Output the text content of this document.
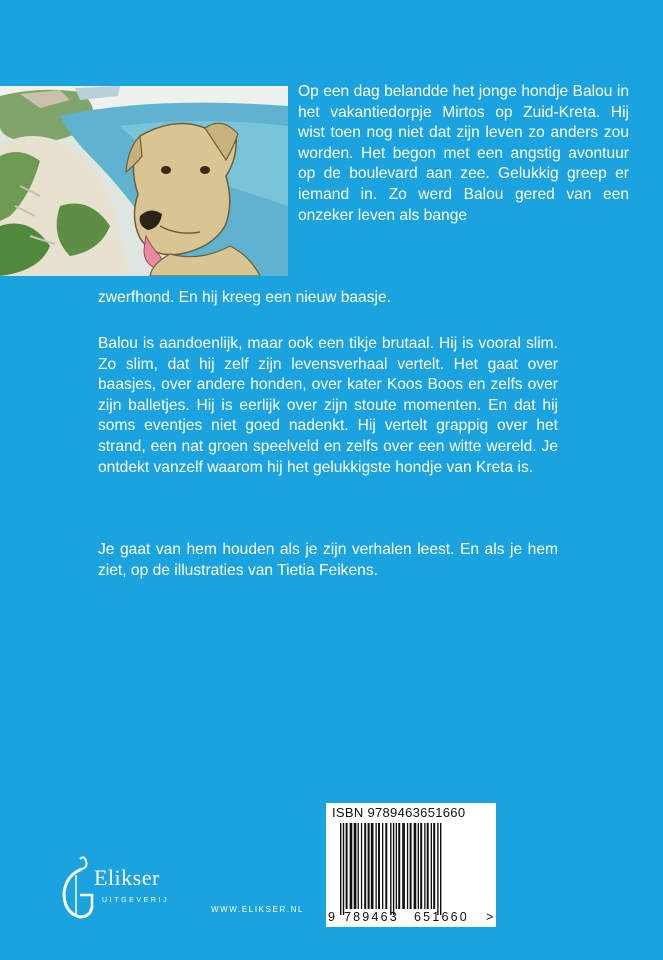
Op een dag belandde het jonge hondje Balou in het vakantiedorpje Mirtos op Zuid-Kreta. Hij wist toen nog niet dat zijn leven zo anders zou worden. Het begon met een angstig avontuur op de boulevard aan zee. Gelukkig greep er iemand in. Zo werd Balou gered van een onzeker leven als bange

zwerfhond. En hij kreeg een nieuw baasje.

Balou is aandoenlijk, maar ook een tikje brutaal. Hij is vooral slim. Zo slim, dat hij zelf zijn levensverhaal vertelt. Het gaat over baasjes, over andere honden, over kater Koos Boos en zelfs over zijn balletjes. Hij is eerlijk over zijn stoute momenten. En dat hij soms eventjes niet goed nadenkt. Hij vertelt grappig over het strand, een nat groen speelveld en zelfs over een witte wereld. Je ontdekt vanzelf waarom hij het gelukkigste hondje van Kreta is.

Je gaat van hem houden als je zijn verhalen leest. En als je hem ziet, op de illustraties van Tietia Feikens.

Elikser
UITGEVERIJ
WWW.ELIKSER.NL
ISBN 9789463651660
9 789463 651660 >
